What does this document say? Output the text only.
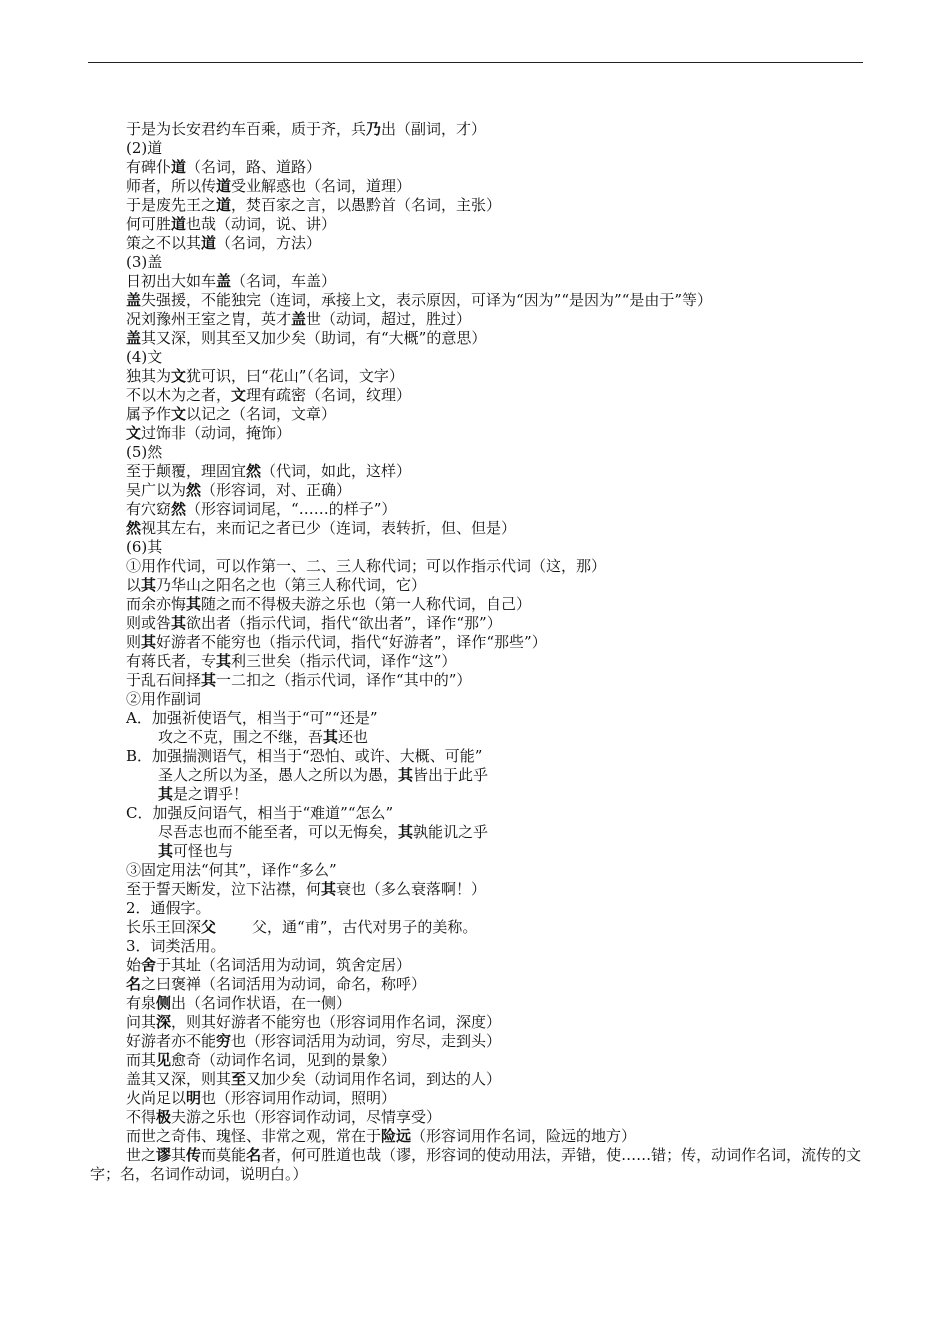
于是为长安君约车百乘，质于齐，兵乃出（副词，才）
(2)道
有碑仆道（名词，路、道路）
师者，所以传道受业解惑也（名词，道理）
于是废先王之道，焚百家之言，以愚黔首（名词，主张）
何可胜道也哉（动词，说、讲）
策之不以其道（名词，方法）
(3)盖
日初出大如车盖（名词，车盖）
盖失强援，不能独完（连词，承接上文，表示原因，可译为“因为”“是因为”“是由于”等）
况刘豫州王室之胄，英才盖世（动词，超过，胜过）
盖其又深，则其至又加少矣（助词，有“大概”的意思）
(4)文
独其为文犹可识，曰“花山”（名词，文字）
不以木为之者，文理有疏密（名词，纹理）
属予作文以记之（名词，文章）
文过饰非（动词，掩饰）
(5)然
至于颠覆，理固宜然（代词，如此，这样）
吴广以为然（形容词，对、正确）
有穴窈然（形容词词尾，“……的样子”）
然视其左右，来而记之者已少（连词，表转折，但、但是）
(6)其
①用作代词，可以作第一、二、三人称代词；可以作指示代词（这，那）
以其乃华山之阳名之也（第三人称代词，它）
而余亦悔其随之而不得极夫游之乐也（第一人称代词，自己）
则或咎其欲出者（指示代词，指代“欲出者”，译作“那”）
则其好游者不能穷也（指示代词，指代“好游者”，译作“那些”）
有蒋氏者，专其利三世矣（指示代词，译作“这”）
于乱石间择其一二扣之（指示代词，译作“其中的”）
②用作副词
A．加强祈使语气，相当于“可”“还是”
攻之不克，围之不继，吾其还也
B．加强揣测语气，相当于“恐怕、或许、大概、可能”
圣人之所以为圣，愚人之所以为愚，其皆出于此乎
其是之谓乎！
C．加强反问语气，相当于“难道”“怎么”
尽吾志也而不能至者，可以无悔矣，其孰能讥之乎
其可怪也与
③固定用法“何其”，译作“多么”
至于誓天断发，泣下沾襟，何其衰也（多么衰落啊！）
2．通假字。
长乐王回深父 父，通“甫”，古代对男子的美称。
3．词类活用。
始舍于其址（名词活用为动词，筑舍定居）
名之曰褒禅（名词活用为动词，命名，称呼）
有泉侧出（名词作状语，在一侧）
问其深，则其好游者不能穷也（形容词用作名词，深度）
好游者亦不能穷也（形容词活用为动词，穷尽，走到头）
而其见愈奇（动词作名词，见到的景象）
盖其又深，则其至又加少矣（动词用作名词，到达的人）
火尚足以明也（形容词用作动词，照明）
不得极夫游之乐也（形容词作动词，尽情享受）
而世之奇伟、瑰怪、非常之观，常在于险远（形容词用作名词，险远的地方）
世之谬其传而莫能名者，何可胜道也哉（谬，形容词的使动用法，弄错，使……错；传，动词作名词，流传的文字；名，名词作动词，说明白。）
